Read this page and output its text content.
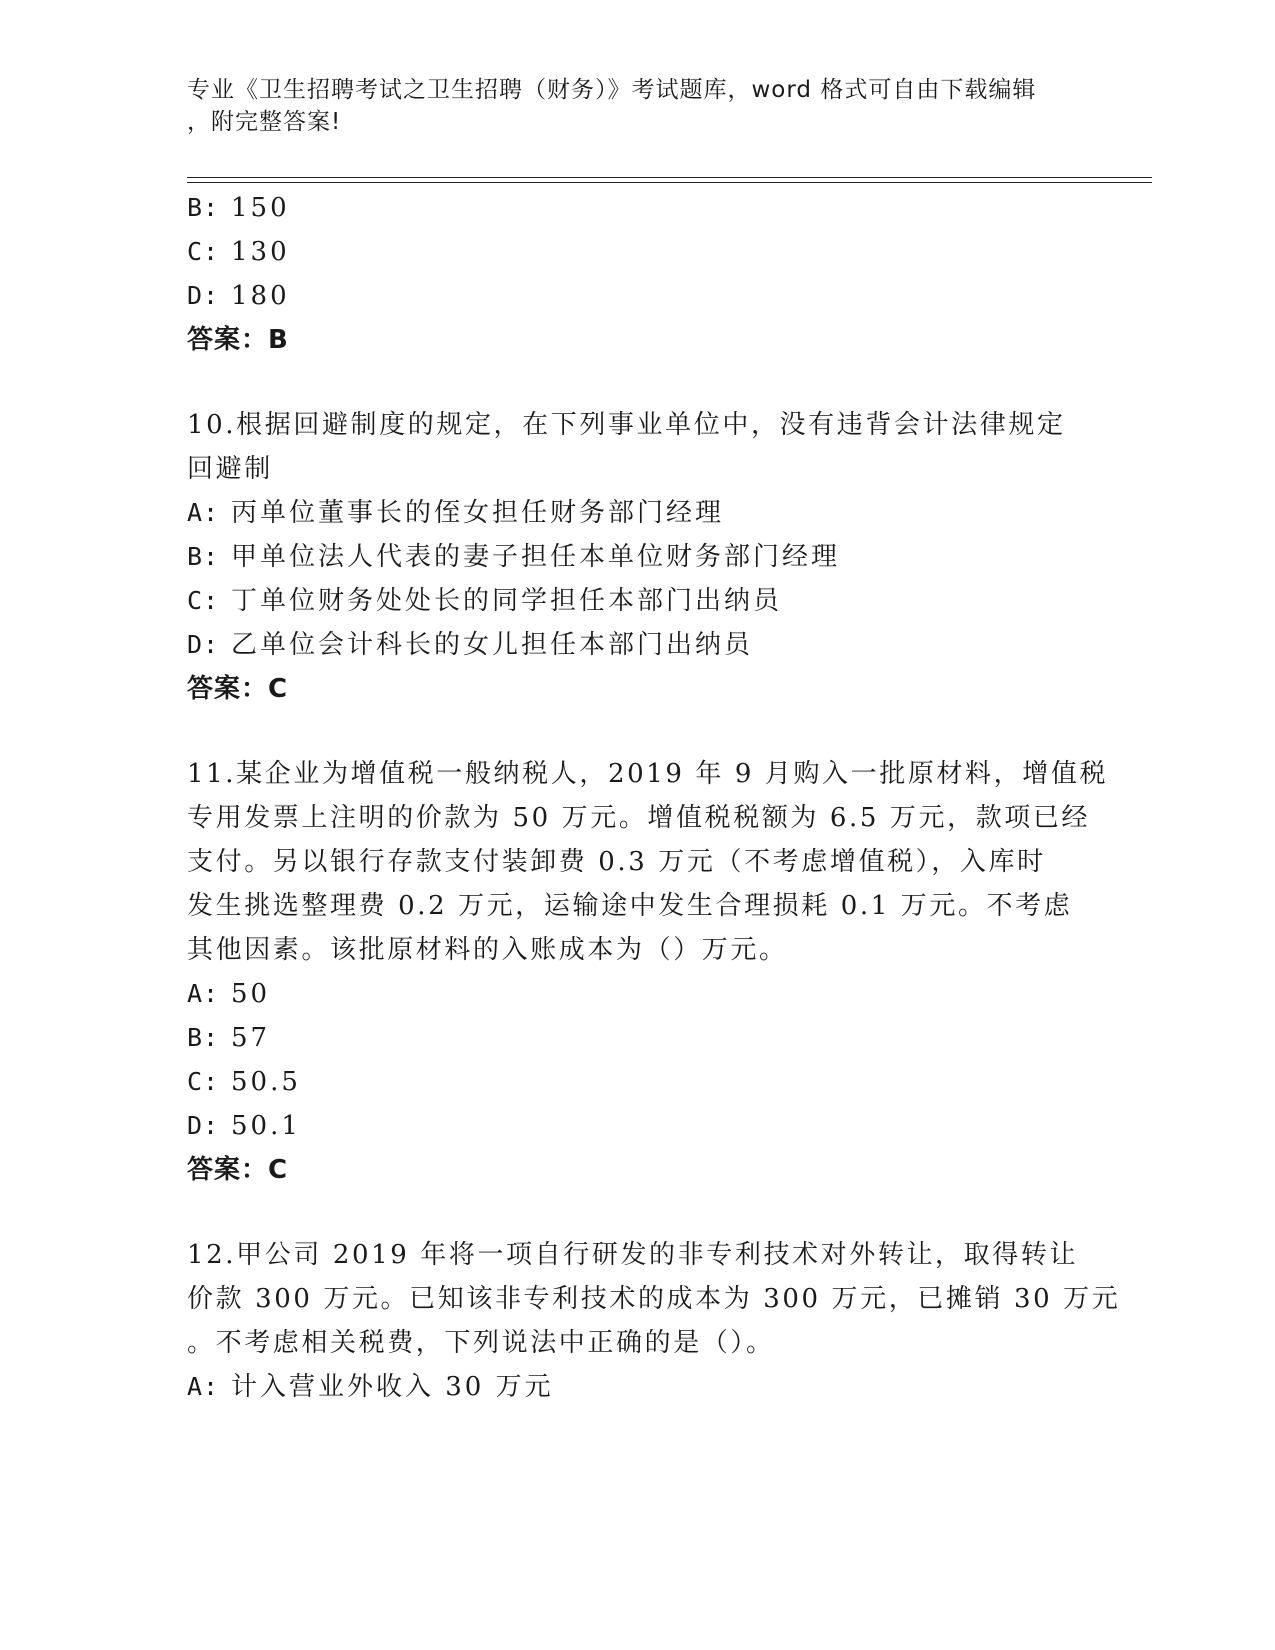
专业《卫生招聘考试之卫生招聘（财务）》考试题库，word 格式可自由下载编辑
，附完整答案!
B: 150
C: 130
D: 180
答案：B
10.根据回避制度的规定，在下列事业单位中，没有违背会计法律规定
回避制
A: 丙单位董事长的侄女担任财务部门经理
B: 甲单位法人代表的妻子担任本单位财务部门经理
C: 丁单位财务处处长的同学担任本部门出纳员
D: 乙单位会计科长的女儿担任本部门出纳员
答案：C
11.某企业为增值税一般纳税人，2019 年 9 月购入一批原材料，增值税
专用发票上注明的价款为 50 万元。增值税税额为 6.5 万元，款项已经
支付。另以银行存款支付装卸费 0.3 万元（不考虑增值税），入库时
发生挑选整理费 0.2 万元，运输途中发生合理损耗 0.1 万元。不考虑
其他因素。该批原材料的入账成本为（）万元。
A: 50
B: 57
C: 50.5
D: 50.1
答案：C
12.甲公司 2019 年将一项自行研发的非专利技术对外转让，取得转让
价款 300 万元。已知该非专利技术的成本为 300 万元，已摊销 30 万元
。不考虑相关税费，下列说法中正确的是（）。
A: 计入营业外收入 30 万元
